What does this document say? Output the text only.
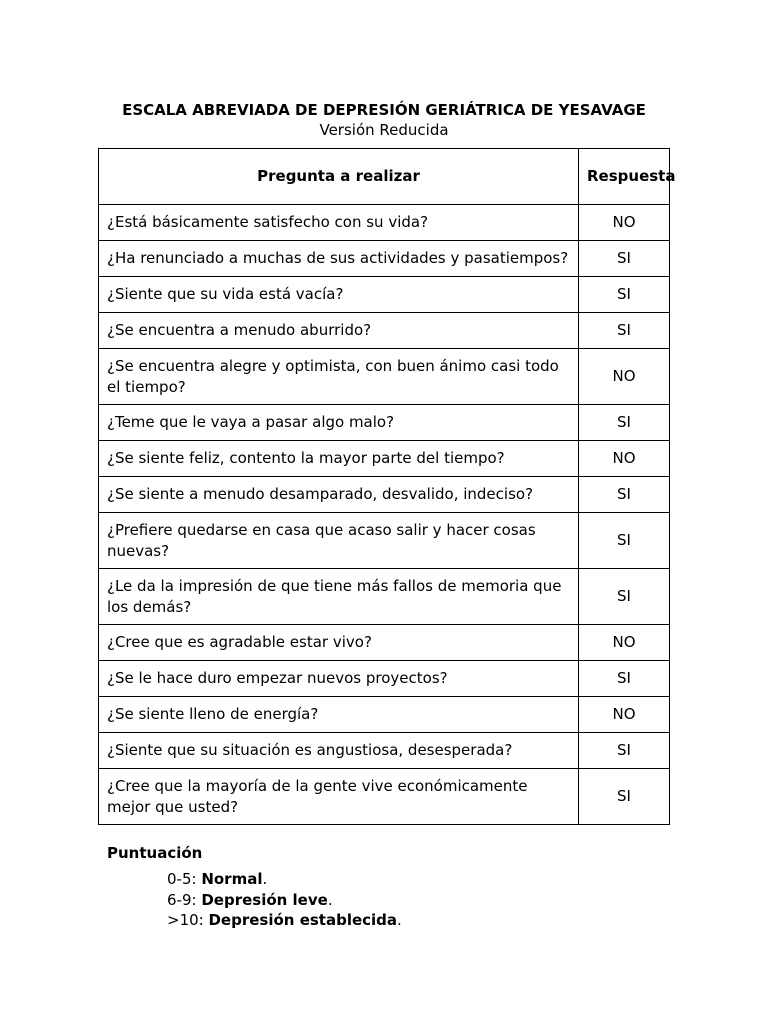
ESCALA ABREVIADA DE DEPRESIÓN GERIÁTRICA DE YESAVAGE
Versión Reducida
Pregunta a realizar	Respuesta
¿Está básicamente satisfecho con su vida?	NO
¿Ha renunciado a muchas de sus actividades y pasatiempos?	SI
¿Siente que su vida está vacía?	SI
¿Se encuentra a menudo aburrido?	SI
¿Se encuentra alegre y optimista, con buen ánimo casi todo el tiempo?	NO
¿Teme que le vaya a pasar algo malo?	SI
¿Se siente feliz, contento la mayor parte del tiempo?	NO
¿Se siente a menudo desamparado, desvalido, indeciso?	SI
¿Prefiere quedarse en casa que acaso salir y hacer cosas nuevas?	SI
¿Le da la impresión de que tiene más fallos de memoria que los demás?	SI
¿Cree que es agradable estar vivo?	NO
¿Se le hace duro empezar nuevos proyectos?	SI
¿Se siente lleno de energía?	NO
¿Siente que su situación es angustiosa, desesperada?	SI
¿Cree que la mayoría de la gente vive económicamente mejor que usted?	SI
Puntuación
0-5: Normal.
6-9: Depresión leve.
>10: Depresión establecida.
